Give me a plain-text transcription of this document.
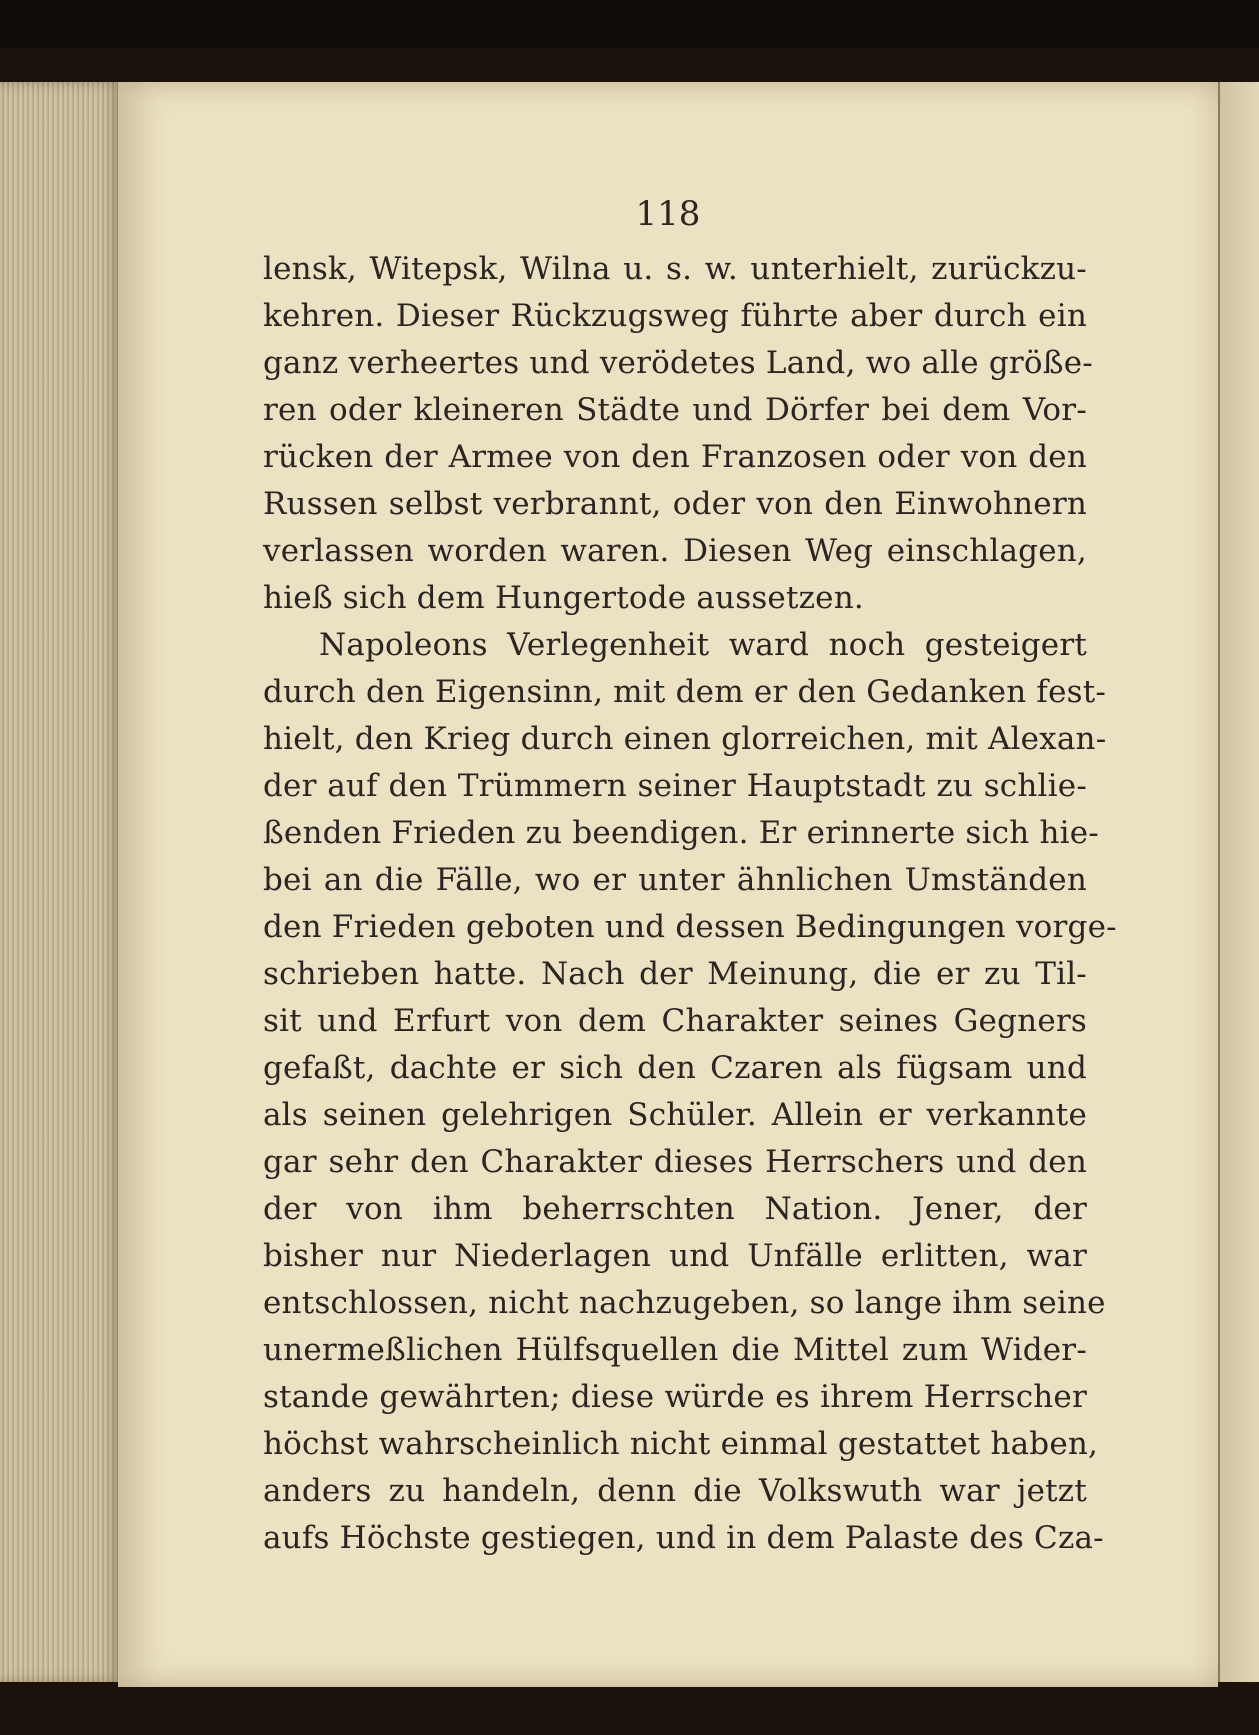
118
lensk, Witepsk, Wilna u. s. w. unterhielt, zurückzu-
kehren. Dieser Rückzugsweg führte aber durch ein
ganz verheertes und verödetes Land, wo alle größe-
ren oder kleineren Städte und Dörfer bei dem Vor-
rücken der Armee von den Franzosen oder von den
Russen selbst verbrannt, oder von den Einwohnern
verlassen worden waren. Diesen Weg einschlagen,
hieß sich dem Hungertode aussetzen.
Napoleons Verlegenheit ward noch gesteigert
durch den Eigensinn, mit dem er den Gedanken fest-
hielt, den Krieg durch einen glorreichen, mit Alexan-
der auf den Trümmern seiner Hauptstadt zu schlie-
ßenden Frieden zu beendigen. Er erinnerte sich hie-
bei an die Fälle, wo er unter ähnlichen Umständen
den Frieden geboten und dessen Bedingungen vorge-
schrieben hatte. Nach der Meinung, die er zu Til-
sit und Erfurt von dem Charakter seines Gegners
gefaßt, dachte er sich den Czaren als fügsam und
als seinen gelehrigen Schüler. Allein er verkannte
gar sehr den Charakter dieses Herrschers und den
der von ihm beherrschten Nation. Jener, der
bisher nur Niederlagen und Unfälle erlitten, war
entschlossen, nicht nachzugeben, so lange ihm seine
unermeßlichen Hülfsquellen die Mittel zum Wider-
stande gewährten; diese würde es ihrem Herrscher
höchst wahrscheinlich nicht einmal gestattet haben,
anders zu handeln, denn die Volkswuth war jetzt
aufs Höchste gestiegen, und in dem Palaste des Cza-
